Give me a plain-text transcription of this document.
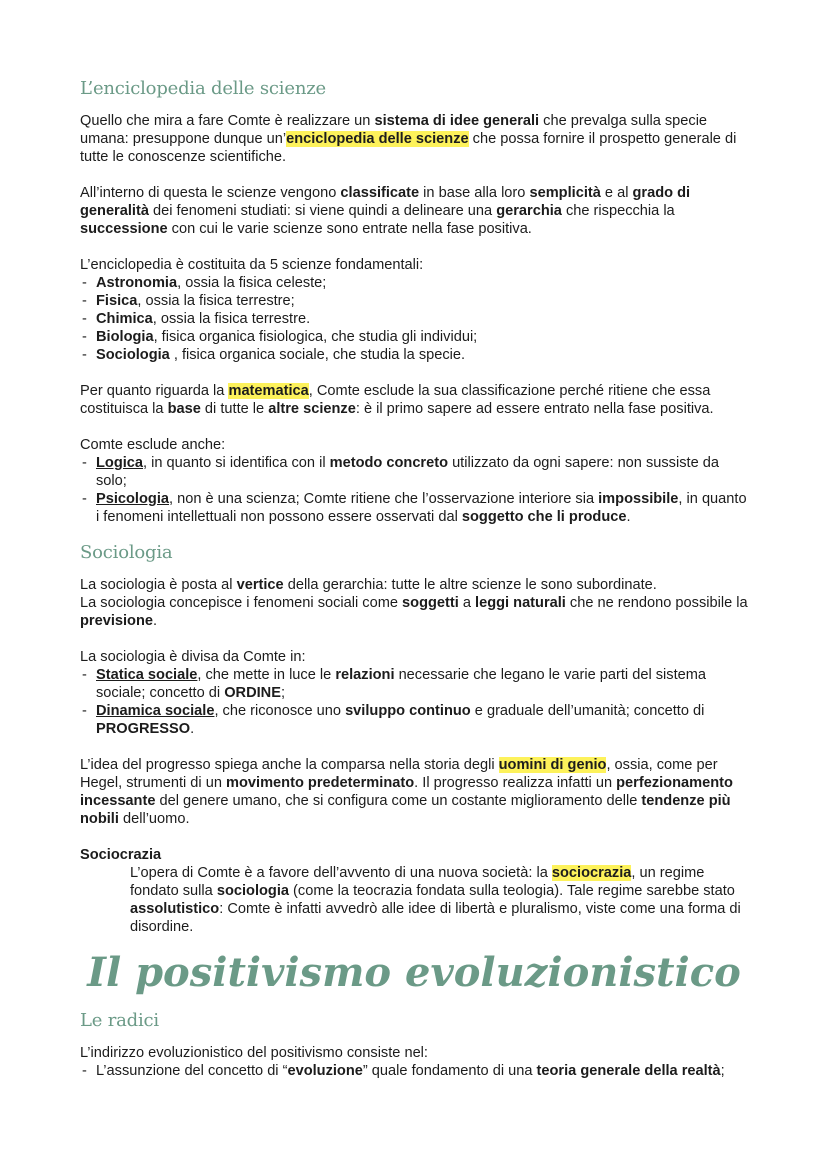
L’enciclopedia delle scienze

Quello che mira a fare Comte è realizzare un sistema di idee generali che prevalga sulla specie umana: presuppone dunque un’enciclopedia delle scienze che possa fornire il prospetto generale di tutte le conoscenze scientifiche.

All’interno di questa le scienze vengono classificate in base alla loro semplicità e al grado di generalità dei fenomeni studiati: si viene quindi a delineare una gerarchia che rispecchia la successione con cui le varie scienze sono entrate nella fase positiva.

L’enciclopedia è costituita da 5 scienze fondamentali:

- Astronomia, ossia la fisica celeste;
- Fisica, ossia la fisica terrestre;
- Chimica, ossia la fisica terrestre.
- Biologia, fisica organica fisiologica, che studia gli individui;
- Sociologia , fisica organica sociale, che studia la specie.

Per quanto riguarda la matematica, Comte esclude la sua classificazione perché ritiene che essa costituisca la base di tutte le altre scienze: è il primo sapere ad essere entrato nella fase positiva.

Comte esclude anche:

- Logica, in quanto si identifica con il metodo concreto utilizzato da ogni sapere: non sussiste da solo;
- Psicologia, non è una scienza; Comte ritiene che l’osservazione interiore sia impossibile, in quanto i fenomeni intellettuali non possono essere osservati dal soggetto che li produce.
Sociologia

La sociologia è posta al vertice della gerarchia: tutte le altre scienze le sono subordinate.

La sociologia concepisce i fenomeni sociali come soggetti a leggi naturali che ne rendono possibile la previsione.

La sociologia è divisa da Comte in:

- Statica sociale, che mette in luce le relazioni necessarie che legano le varie parti del sistema sociale; concetto di ORDINE;
- Dinamica sociale, che riconosce uno sviluppo continuo e graduale dell’umanità; concetto di PROGRESSO.

L’idea del progresso spiega anche la comparsa nella storia degli uomini di genio, ossia, come per Hegel, strumenti di un movimento predeterminato. Il progresso realizza infatti un perfezionamento incessante del genere umano, che si configura come un costante miglioramento delle tendenze più nobili dell’uomo.

Sociocrazia

L’opera di Comte è a favore dell’avvento di una nuova società: la sociocrazia, un regime fondato sulla sociologia (come la teocrazia fondata sulla teologia). Tale regime sarebbe stato assolutistico: Comte è infatti avvedrò alle idee di libertà e pluralismo, viste come una forma di disordine.

Il positivismo evoluzionistico
Le radici

L’indirizzo evoluzionistico del positivismo consiste nel:

- L’assunzione del concetto di “evoluzione” quale fondamento di una teoria generale della realtà;
